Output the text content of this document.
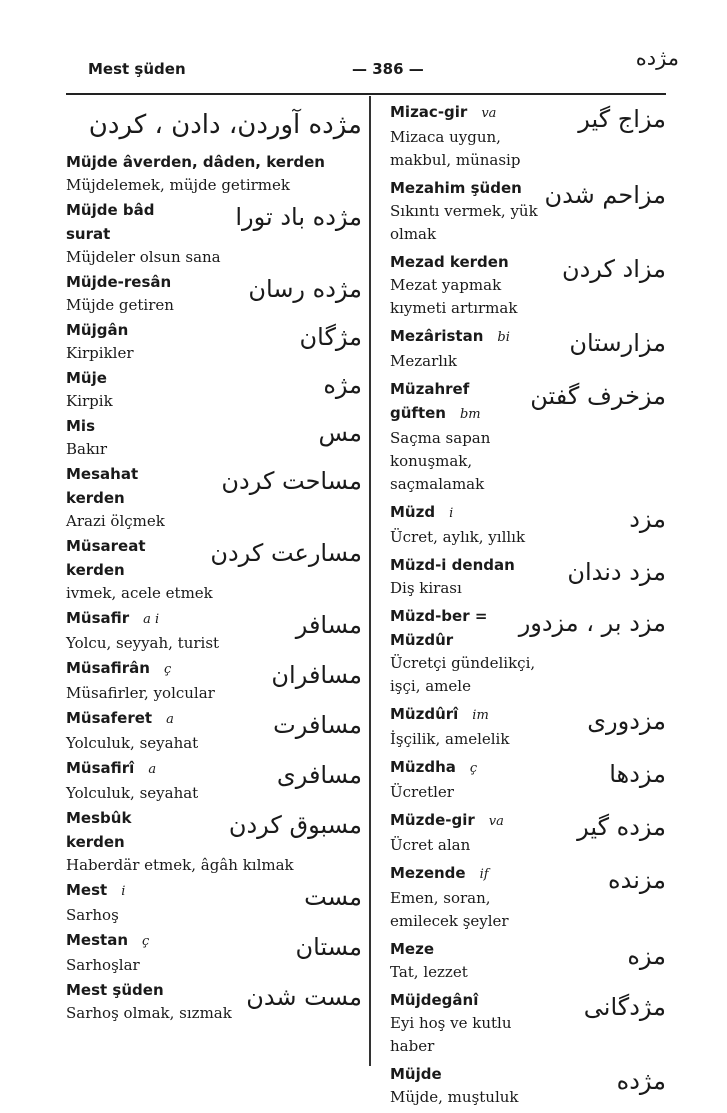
Mest şüden	— 386 —	مژده
مژده آوردن، دادن ، کردن
Müjde âverden, dâden, kerden
Müjdelemek, müjde getirmek
Müjde bâd
surat
Müjdeler olsun sana
مژده باد تورا
Müjde-resân
Müjde getiren
مژده رسان
Müjgân
Kirpikler
مژگان
Müje
Kirpik
مژه
Mis
Bakır
مس
Mesahat
kerden
Arazi ölçmek
مساحت کردن
Müsareat
kerden
ivmek, acele etmek
مسارعت کردن
Müsafir a i
Yolcu, seyyah, turist
مسافر
Müsafirân ç
Müsafirler, yolcular
مسافران
Müsaferet a
Yolculuk, seyahat
مسافرت
Müsafirî a
Yolculuk, seyahat
مسافری
Mesbûk
kerden
Haberdär etmek, âgâh kılmak
مسبوق کردن
Mest i
Sarhoş
مست
Mestan ç
Sarhoşlar
مستان
Mest şüden
Sarhoş olmak, sızmak
مست شدن
Mizac-gir va
Mizaca uygun, makbul, münasip
مزاج گیر
Mezahim şüden
Sıkıntı vermek, yük olmak
مزاحم شدن
Mezad kerden
Mezat yapmak kıymeti artırmak
مزاد کردن
Mezâristan bi
Mezarlık
مزارستان
Müzahref
güften bm
Saçma sapan konuşmak, saçmalamak
مزخرف گفتن
Müzd i
Ücret, aylık, yıllık
مزد
Müzd-i dendan
Diş kirası
مزد دندان
Müzd-ber =
Müzdûr
Ücretçi gündelikçi, işçi, amele
مزد بر ، مزدور
Müzdûrî im
İşçilik, amelelik
مزدوری
Müzdha ç
Ücretler
مزدها
Müzde-gir va
Ücret alan
مزده گیر
Mezende if
Emen, soran, emilecek şeyler
مزنده
Meze
Tat, lezzet
مزه
Müjdegânî
Eyi hoş ve kutlu haber
مژدگانی
Müjde
Müjde, muştuluk
مژده
